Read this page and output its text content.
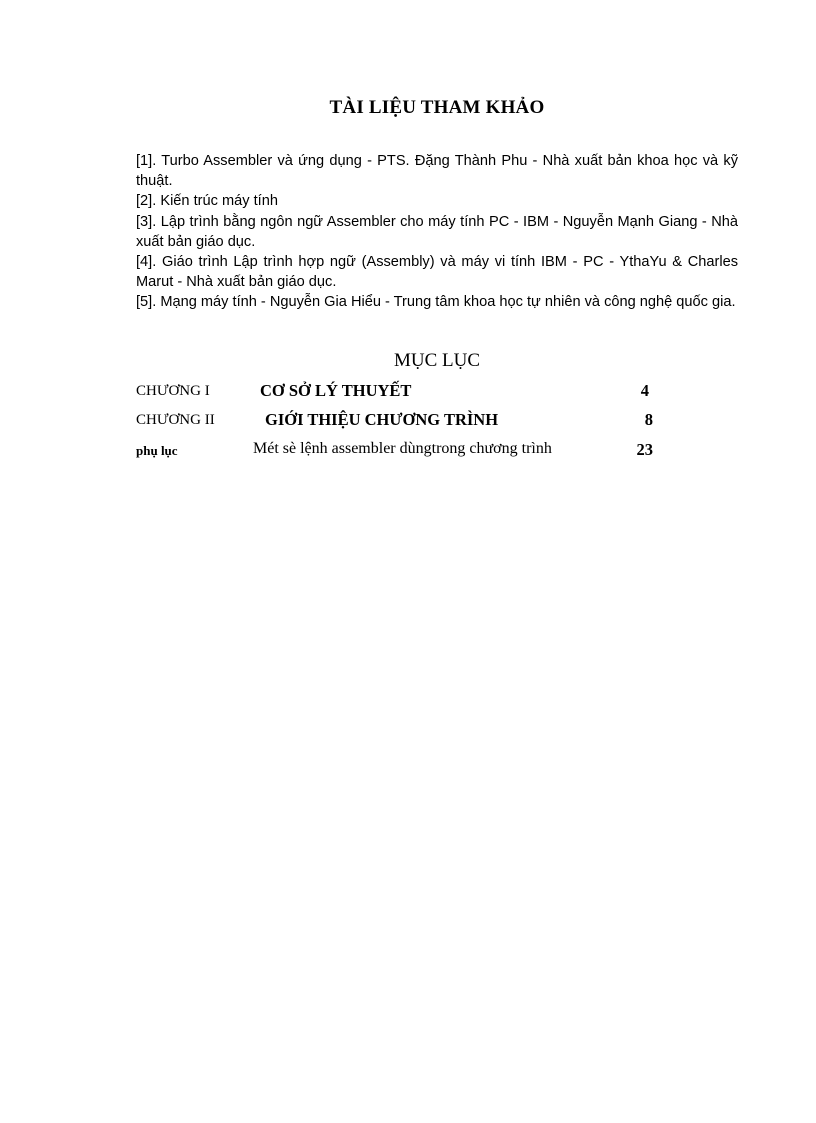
TÀI LIỆU THAM KHẢO
[1]. Turbo Assembler và ứng dụng - PTS. Đặng Thành Phu - Nhà xuất bản khoa học và kỹ thuật.
[2]. Kiến trúc máy tính
[3]. Lập trình bằng ngôn ngữ Assembler cho máy tính PC - IBM - Nguyễn Mạnh Giang - Nhà xuất bản giáo dục.
[4]. Giáo trình Lập trình hợp ngữ (Assembly) và máy vi tính IBM - PC - YthaYu & Charles Marut - Nhà xuất bản giáo dục.
[5]. Mạng máy tính - Nguyễn Gia Hiểu - Trung tâm khoa học tự nhiên và công nghệ quốc gia.
MỤC LỤC
CHƯƠNG I	CƠ SỞ LÝ THUYẾT	4
CHƯƠNG II	GIỚI THIỆU CHƯƠNG TRÌNH	8
phụ lục	Mét sè lệnh assembler dùngtrong chương trình	23
